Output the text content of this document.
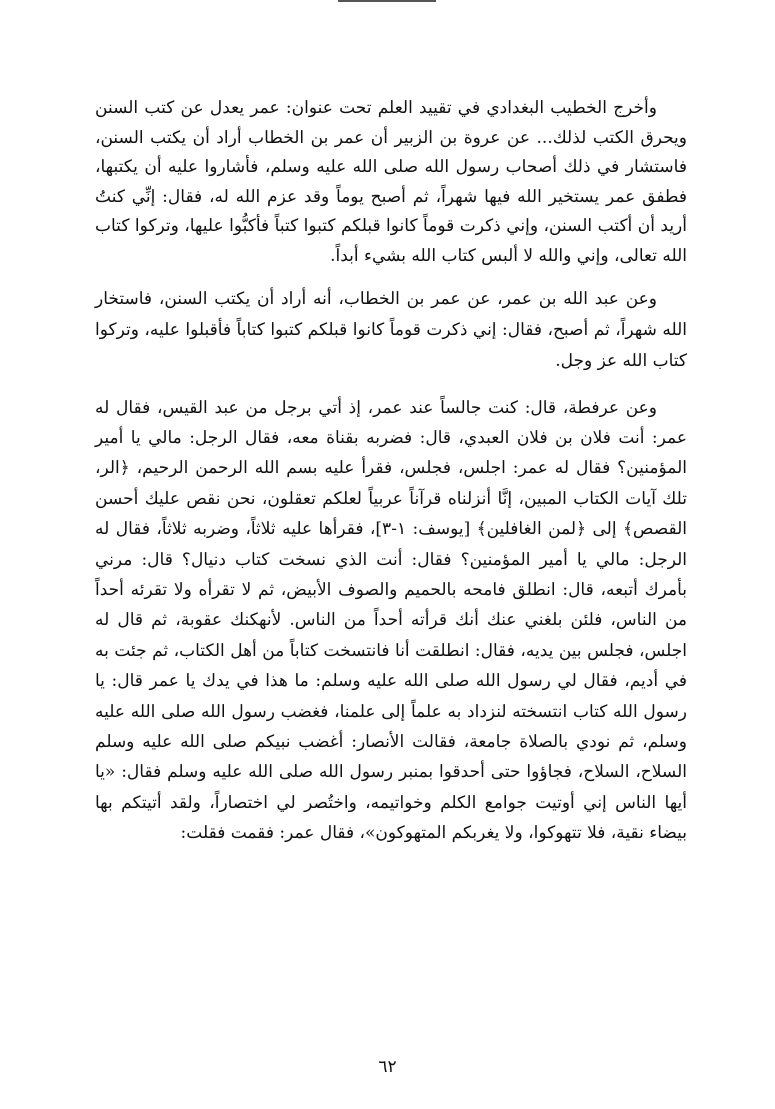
وأخرج الخطيب البغدادي في تقييد العلم تحت عنوان: عمر يعدل عن كتب السنن ويحرق الكتب لذلك... عن عروة بن الزبير أن عمر بن الخطاب أراد أن يكتب السنن، فاستشار في ذلك أصحاب رسول الله صلى الله عليه وسلم، فأشاروا عليه أن يكتبها، فطفق عمر يستخير الله فيها شهراً، ثم أصبح يوماً وقد عزم الله له، فقال: إنِّي كنتُ أريد أن أكتب السنن، وإني ذكرت قوماً كانوا قبلكم كتبوا كتباً فأكبُّوا عليها، وتركوا كتاب الله تعالى، وإني والله لا ألبس كتاب الله بشيء أبداً.

وعن عبد الله بن عمر، عن عمر بن الخطاب، أنه أراد أن يكتب السنن، فاستخار الله شهراً، ثم أصبح، فقال: إني ذكرت قوماً كانوا قبلكم كتبوا كتاباً فأقبلوا عليه، وتركوا كتاب الله عز وجل.

وعن عرفطة، قال: كنت جالساً عند عمر، إذ أتي برجل من عبد القيس، فقال له عمر: أنت فلان بن فلان العبدي، قال: فضربه بقناة معه، فقال الرجل: مالي يا أمير المؤمنين؟ فقال له عمر: اجلس، فجلس، فقرأ عليه بسم الله الرحمن الرحيم، ﴿الر، تلك آيات الكتاب المبين، إنَّا أنزلناه قرآناً عربياً لعلكم تعقلون، نحن نقص عليك أحسن القصص﴾ إلى ﴿لمن الغافلين﴾ [يوسف: ١-٣]، فقرأها عليه ثلاثاً، وضربه ثلاثاً، فقال له الرجل: مالي يا أمير المؤمنين؟ فقال: أنت الذي نسخت كتاب دنيال؟ قال: مرني بأمرك أتبعه، قال: انطلق فامحه بالحميم والصوف الأبيض، ثم لا تقرأه ولا تقرئه أحداً من الناس، فلئن بلغني عنك أنك قرأته أحداً من الناس. لأنهكنك عقوبة، ثم قال له اجلس، فجلس بين يديه، فقال: انطلقت أنا فانتسخت كتاباً من أهل الكتاب، ثم جئت به في أديم، فقال لي رسول الله صلى الله عليه وسلم: ما هذا في يدك يا عمر قال: يا رسول الله كتاب انتسخته لنزداد به علماً إلى علمنا، فغضب رسول الله صلى الله عليه وسلم، ثم نودي بالصلاة جامعة، فقالت الأنصار: أغضب نبيكم صلى الله عليه وسلم السلاح، السلاح، فجاؤوا حتى أحدقوا بمنبر رسول الله صلى الله عليه وسلم فقال: «يا أيها الناس إني أوتيت جوامع الكلم وخواتيمه، واختُصر لي اختصاراً، ولقد أتيتكم بها بيضاء نقية، فلا تتهوكوا، ولا يغربكم المتهوكون»، فقال عمر: فقمت فقلت:

٦٢
